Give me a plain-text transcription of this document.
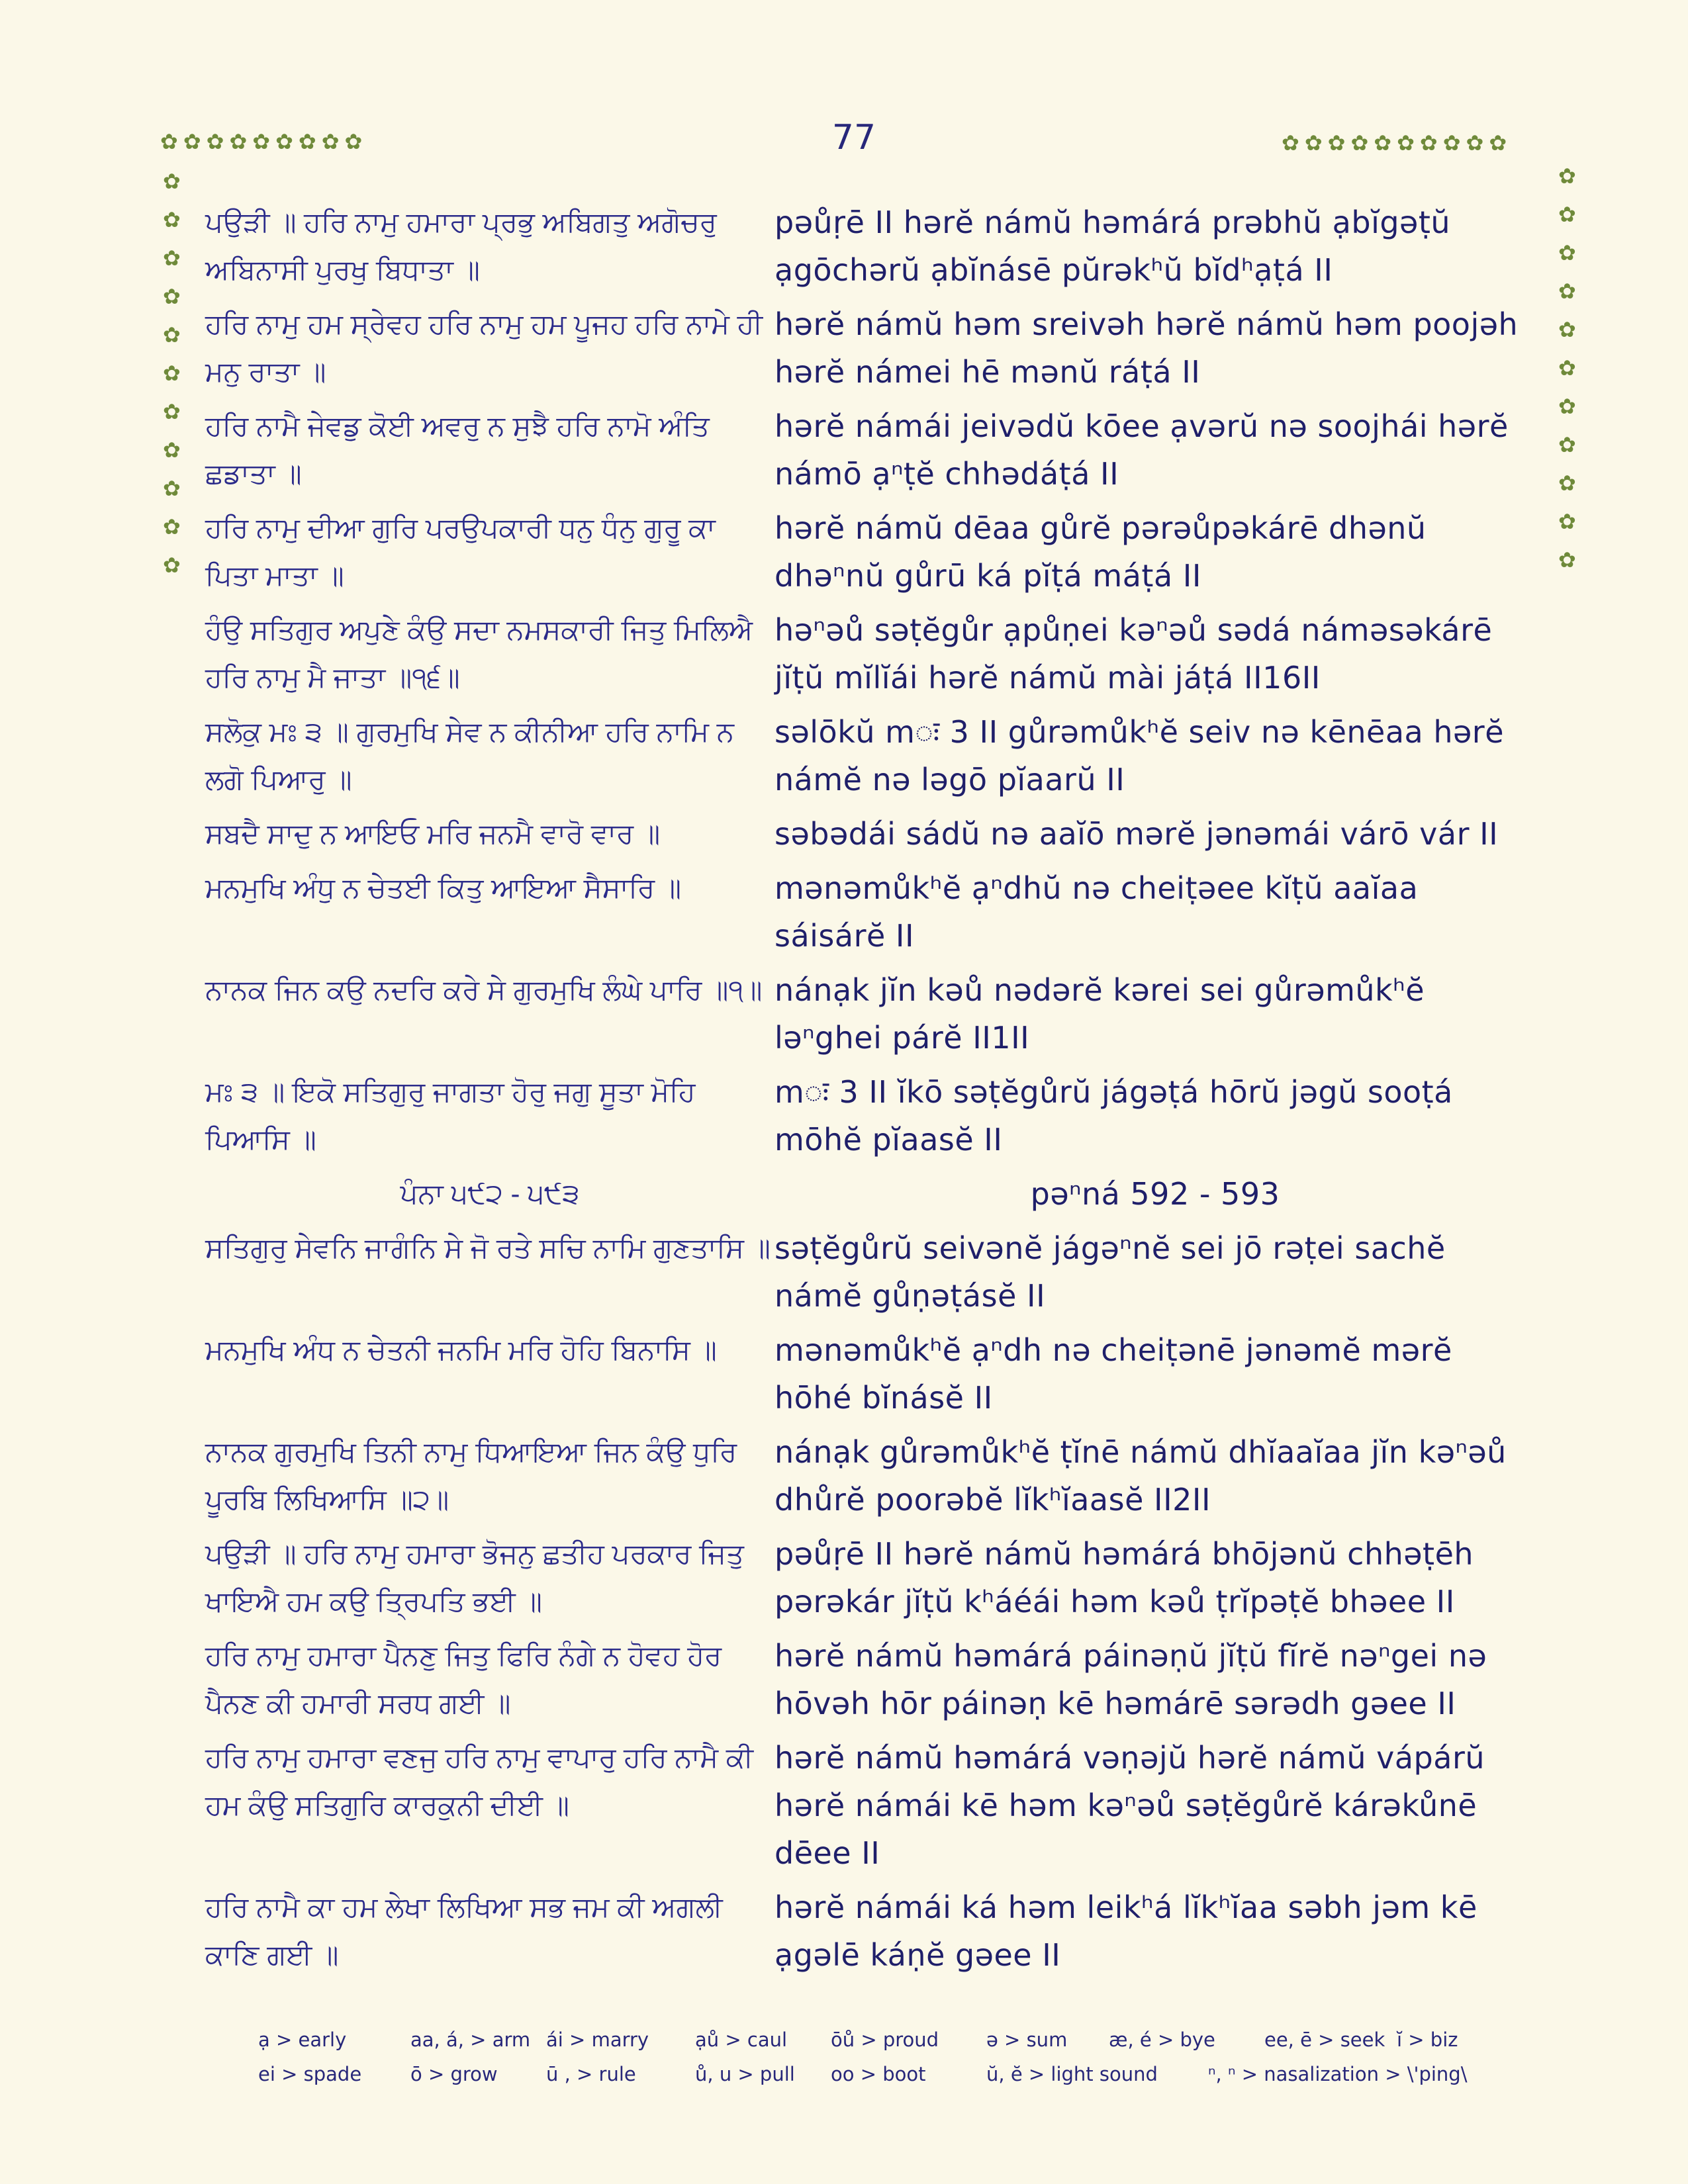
77
✿ ✿ ✿ ✿ ✿ ✿ ✿ ✿ ✿	✿ ✿ ✿ ✿ ✿ ✿ ✿ ✿ ✿ ✿
✿
✿
✿
✿
✿
✿
✿
✿
✿
✿
✿
✿
✿
✿
✿
✿
✿
✿
✿
✿
✿
✿
ਪਉੜੀ ॥ ਹਰਿ ਨਾਮੁ ਹਮਾਰਾ ਪ੍ਰਭੁ ਅਬਿਗਤੁ ਅਗੋਚਰੁ ਅਬਿਨਾਸੀ ਪੁਰਖੁ ਬਿਧਾਤਾ ॥
pəůṛē II hərĕ námŭ həmárá prəbhŭ ạbĭgəṭŭ ạgōchərŭ ạbĭnásē pŭrəkʰŭ bĭdʰạṭá II
ਹਰਿ ਨਾਮੁ ਹਮ ਸ੍ਰੇਵਹ ਹਰਿ ਨਾਮੁ ਹਮ ਪੂਜਹ ਹਰਿ ਨਾਮੇ ਹੀ ਮਨੁ ਰਾਤਾ ॥
hərĕ námŭ həm sreivəh hərĕ námŭ həm poojəh hərĕ námei hē mənŭ ráṭá II
ਹਰਿ ਨਾਮੈ ਜੇਵਡੁ ਕੋਈ ਅਵਰੁ ਨ ਸੁਝੈ ਹਰਿ ਨਾਮੋ ਅੰਤਿ ਛਡਾਤਾ ॥
hərĕ námái jeivədŭ kōee ạvərŭ nə soojhái hərĕ námō ạⁿṭĕ chhədáṭá II
ਹਰਿ ਨਾਮੁ ਦੀਆ ਗੁਰਿ ਪਰਉਪਕਾਰੀ ਧਨੁ ਧੰਨੁ ਗੁਰੂ ਕਾ ਪਿਤਾ ਮਾਤਾ ॥
hərĕ námŭ dēaa gůrĕ pərəůpəkárē dhənŭ dhəⁿnŭ gůrū ká pĭṭá máṭá II
ਹੰਉ ਸਤਿਗੁਰ ਅਪੁਣੇ ਕੰਉ ਸਦਾ ਨਮਸਕਾਰੀ ਜਿਤੁ ਮਿਲਿਐ ਹਰਿ ਨਾਮੁ ਮੈ ਜਾਤਾ ॥੧੬॥
həⁿəů səṭĕgůr ạpůṇei kəⁿəů sədá náməsəkárē jĭṭŭ mĭlĭái hərĕ námŭ mài jáṭá II16II
ਸਲੋਕੁ ਮਃ ੩ ॥ ਗੁਰਮੁਖਿ ਸੇਵ ਨ ਕੀਨੀਆ ਹਰਿ ਨਾਮਿ ਨ ਲਗੋ ਪਿਆਰੁ ॥
səlōkŭ mः 3 II gůrəmůkʰĕ seiv nə kēnēaa hərĕ námĕ nə ləgō pĭaarŭ II
ਸਬਦੈ ਸਾਦੁ ਨ ਆਇਓ ਮਰਿ ਜਨਮੈ ਵਾਰੋ ਵਾਰ ॥	səbədái sádŭ nə aaĭō mərĕ jənəmái várō vár II
ਮਨਮੁਖਿ ਅੰਧੁ ਨ ਚੇਤਈ ਕਿਤੁ ਆਇਆ ਸੈਸਾਰਿ ॥	mənəmůkʰĕ ạⁿdhŭ nə cheiṭəee kĭṭŭ aaĭaa sáisárĕ II
ਨਾਨਕ ਜਿਨ ਕਉ ਨਦਰਿ ਕਰੇ ਸੇ ਗੁਰਮੁਖਿ ਲੰਘੇ ਪਾਰਿ ॥੧॥ nánạk jĭn kəů nədərĕ kərei sei gůrəmůkʰĕ ləⁿghei párĕ II1II
ਮਃ ੩ ॥ ਇਕੋ ਸਤਿਗੁਰੁ ਜਾਗਤਾ ਹੋਰੁ ਜਗੁ ਸੂਤਾ ਮੋਹਿ ਪਿਆਸਿ ॥
mः 3 II ĭkō səṭĕgůrŭ jágəṭá hōrŭ jəgŭ sooṭá mōhĕ pĭaasĕ II
ਪੰਨਾ ੫੯੨ - ੫੯੩	pəⁿná 592 - 593
ਸਤਿਗੁਰੁ ਸੇਵਨਿ ਜਾਗੰਨਿ ਸੇ ਜੋ ਰਤੇ ਸਚਿ ਨਾਮਿ ਗੁਣਤਾਸਿ ॥ səṭĕgůrŭ seivənĕ jágəⁿnĕ sei jō rəṭei sachĕ námĕ gůṇəṭásĕ II
ਮਨਮੁਖਿ ਅੰਧ ਨ ਚੇਤਨੀ ਜਨਮਿ ਮਰਿ ਹੋਹਿ ਬਿਨਾਸਿ ॥	mənəmůkʰĕ ạⁿdh nə cheiṭənē jənəmĕ mərĕ hōhé bĭnásĕ II
ਨਾਨਕ ਗੁਰਮੁਖਿ ਤਿਨੀ ਨਾਮੁ ਧਿਆਇਆ ਜਿਨ ਕੰਉ ਧੁਰਿ ਪੂਰਬਿ ਲਿਖਿਆਸਿ ॥੨॥
nánạk gůrəmůkʰĕ ṭĭnē námŭ dhĭaaĭaa jĭn kəⁿəů dhůrĕ poorəbĕ lĭkʰĭaasĕ II2II
ਪਉੜੀ ॥ ਹਰਿ ਨਾਮੁ ਹਮਾਰਾ ਭੋਜਨੁ ਛਤੀਹ ਪਰਕਾਰ ਜਿਤੁ ਖਾਇਐ ਹਮ ਕਉ ਤ੍ਰਿਪਤਿ ਭਈ ॥
pəůṛē II hərĕ námŭ həmárá bhōjənŭ chhəṭēh pərəkár jĭṭŭ kʰáéái həm kəů ṭrĭpəṭĕ bhəee II
ਹਰਿ ਨਾਮੁ ਹਮਾਰਾ ਪੈਨਣੁ ਜਿਤੁ ਫਿਰਿ ਨੰਗੇ ਨ ਹੋਵਹ ਹੋਰ ਪੈਨਣ ਕੀ ਹਮਾਰੀ ਸਰਧ ਗਈ ॥
hərĕ námŭ həmárá páinəṇŭ jĭṭŭ fĭrĕ nəⁿgei nə hōvəh hōr páinəṇ kē həmárē sərədh gəee II
ਹਰਿ ਨਾਮੁ ਹਮਾਰਾ ਵਣਜੁ ਹਰਿ ਨਾਮੁ ਵਾਪਾਰੁ ਹਰਿ ਨਾਮੈ ਕੀ ਹਮ ਕੰਉ ਸਤਿਗੁਰਿ ਕਾਰਕੁਨੀ ਦੀਈ ॥
hərĕ námŭ həmárá vəṇəjŭ hərĕ námŭ vápárŭ hərĕ námái kē həm kəⁿəů səṭĕgůrĕ kárəkůnē dēee II
ਹਰਿ ਨਾਮੈ ਕਾ ਹਮ ਲੇਖਾ ਲਿਖਿਆ ਸਭ ਜਮ ਕੀ ਅਗਲੀ ਕਾਣਿ ਗਈ ॥
hərĕ námái ká həm leikʰá lĭkʰĭaa səbh jəm kē ạgəlē káṇĕ gəee II
ạ > early	aa, á, > arm ái > marry	ạů > caul	ōů > proud	ə > sum	æ, é > bye	ee, ē > seek ĭ > biz
ei > spade	ō > grow	ū , > rule	ů, u > pull	oo > boot	ŭ, ĕ > light sound	ⁿ, ⁿ > nasalization > \'ping\
